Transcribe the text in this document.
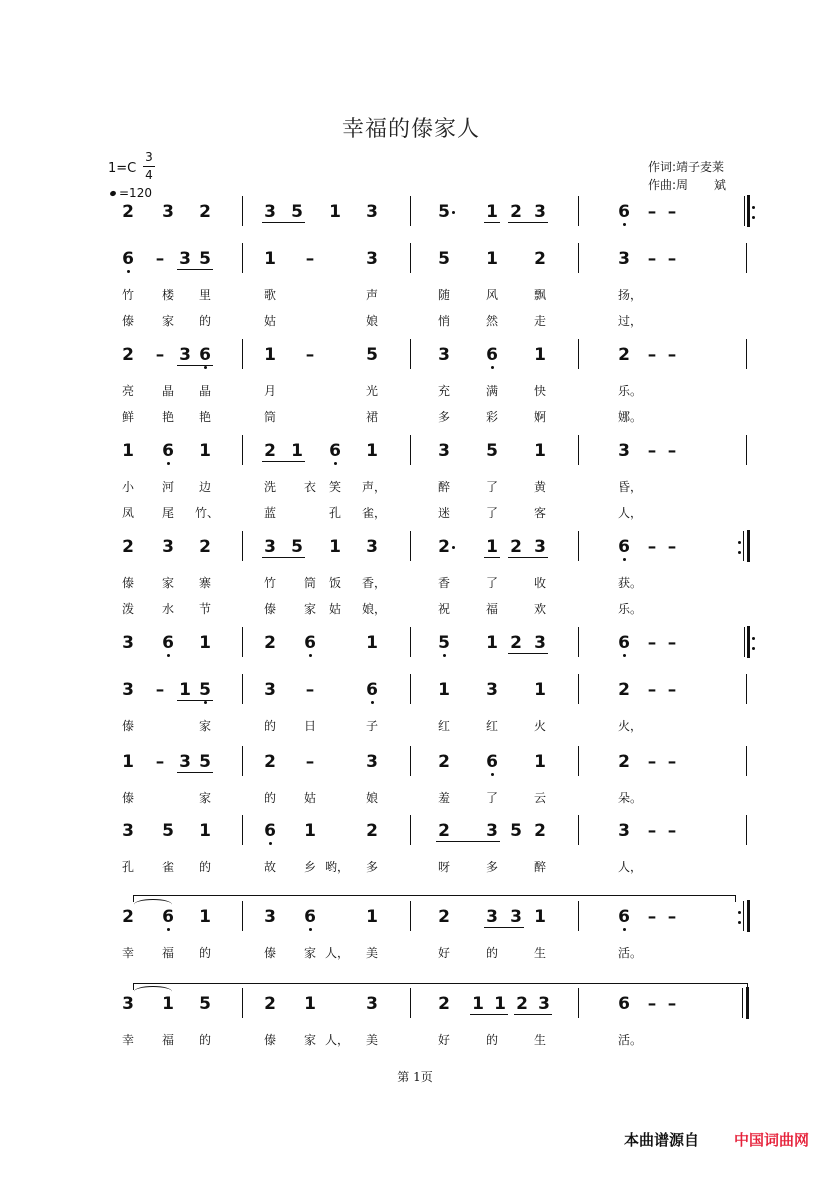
幸福的傣家人
1=C
3
4
=120
作词:靖子麦莱
作曲:周 斌
2 3 2	3 5 1 3	5 1 2 3	6 – –
6 – 3 5	1 –	3	5 1 2	3 – –
竹	楼	里	歌	声	随	风	飘	扬，
傣	家	的	姑	娘	悄	然	走	过，
2 – 3 6	1 –	5	3 6 1	2 – –
亮	晶	晶	月	光	充	满	快	乐。
鲜	艳	艳	筒	裙	多	彩	婀	娜。
1 6 1	2 1 6 1	3 5 1	3 – –
小	河	边	洗	衣	笑	声，	醉	了	黄	昏，
凤	尾	竹、	蓝	孔	雀，	迷	了	客	人，
2 3 2	3 5 1 3	2 1 2 3	6 – –
傣	家	寨	竹	筒	饭	香，	香	了	收	获。
泼	水	节	傣	家	姑	娘，	祝	福	欢	乐。
3 6 1	2 6	1	5 1 2 3	6 – –
3 – 1 5	3 –	6	1 3 1	2 – –
傣	家	的	日	子	红	红	火	火，
1 – 3 5	2 –	3	2 6 1	2 – –
傣	家	的	姑	娘	羞	了	云	朵。
3 5 1	6 1	2	2 3 5 2	3 – –
孔	雀	的	故	乡 哟，	多	呀	多	醉	人，
2 6 1	3 6	1	2 3 3 1	6 – –
幸	福	的	傣	家 人，	美	好	的	生	活。
3 1 5	2 1	3	2 1 1 2 3	6 – –
幸	福	的	傣	家 人，	美	好	的	生	活。
第 1页
本曲谱源自 中国词曲网
